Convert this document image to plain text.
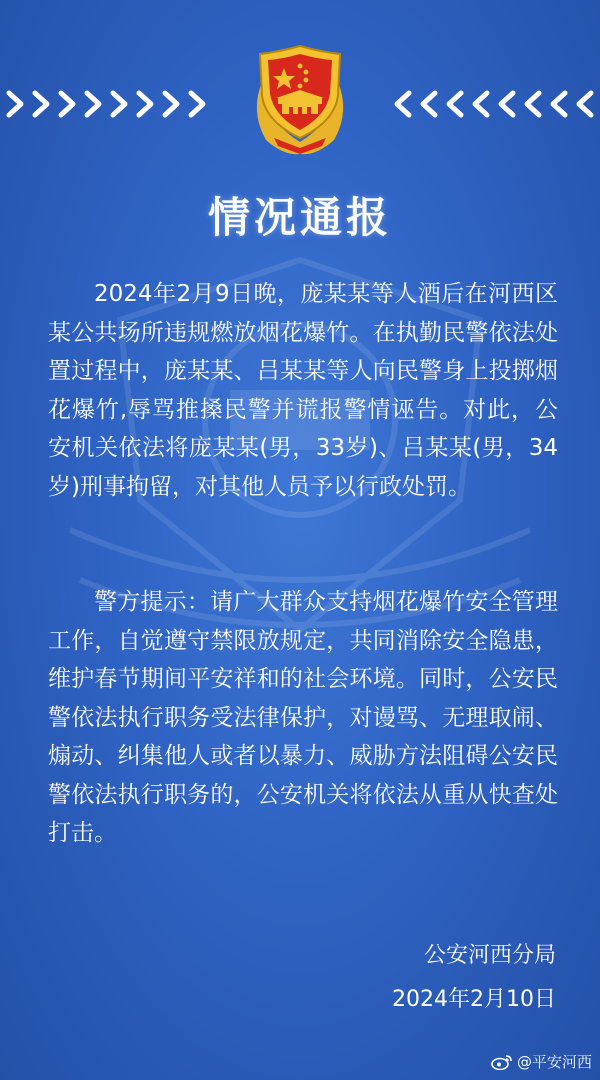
情况通报

2024年2月9日晚，庞某某等人酒后在河西区某公共场所违规燃放烟花爆竹。在执勤民警依法处置过程中，庞某某、吕某某等人向民警身上投掷烟花爆竹,辱骂推搡民警并谎报警情诬告。对此，公安机关依法将庞某某(男，33岁)、吕某某(男，34岁)刑事拘留，对其他人员予以行政处罚。

警方提示：请广大群众支持烟花爆竹安全管理工作，自觉遵守禁限放规定，共同消除安全隐患，维护春节期间平安祥和的社会环境。同时，公安民警依法执行职务受法律保护，对谩骂、无理取闹、煽动、纠集他人或者以暴力、威胁方法阻碍公安民警依法执行职务的，公安机关将依法从重从快查处打击。

公安河西分局
2024年2月10日
@平安河西
